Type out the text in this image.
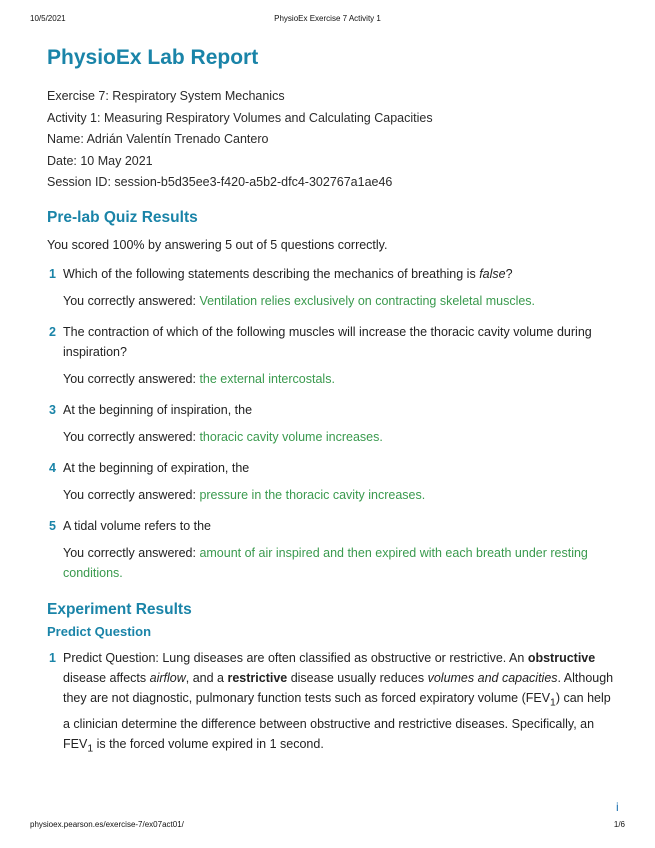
10/5/2021	PhysioEx Exercise 7 Activity 1
PhysioEx Lab Report
Exercise 7: Respiratory System Mechanics
Activity 1: Measuring Respiratory Volumes and Calculating Capacities
Name: Adrián Valentín Trenado Cantero
Date: 10 May 2021
Session ID: session-b5d35ee3-f420-a5b2-dfc4-302767a1ae46
Pre-lab Quiz Results
You scored 100% by answering 5 out of 5 questions correctly.
1 Which of the following statements describing the mechanics of breathing is false?
You correctly answered: Ventilation relies exclusively on contracting skeletal muscles.
2 The contraction of which of the following muscles will increase the thoracic cavity volume during inspiration?
You correctly answered: the external intercostals.
3 At the beginning of inspiration, the
You correctly answered: thoracic cavity volume increases.
4 At the beginning of expiration, the
You correctly answered: pressure in the thoracic cavity increases.
5 A tidal volume refers to the
You correctly answered: amount of air inspired and then expired with each breath under resting conditions.
Experiment Results
Predict Question
1 Predict Question: Lung diseases are often classified as obstructive or restrictive. An obstructive disease affects airflow, and a restrictive disease usually reduces volumes and capacities. Although they are not diagnostic, pulmonary function tests such as forced expiratory volume $(FEV_1)$ can help a clinician determine the difference between obstructive and restrictive diseases. Specifically, an $FEV_1$ is the forced volume expired in 1 second.
i
physioex.pearson.es/exercise-7/ex07act01/	1/6
